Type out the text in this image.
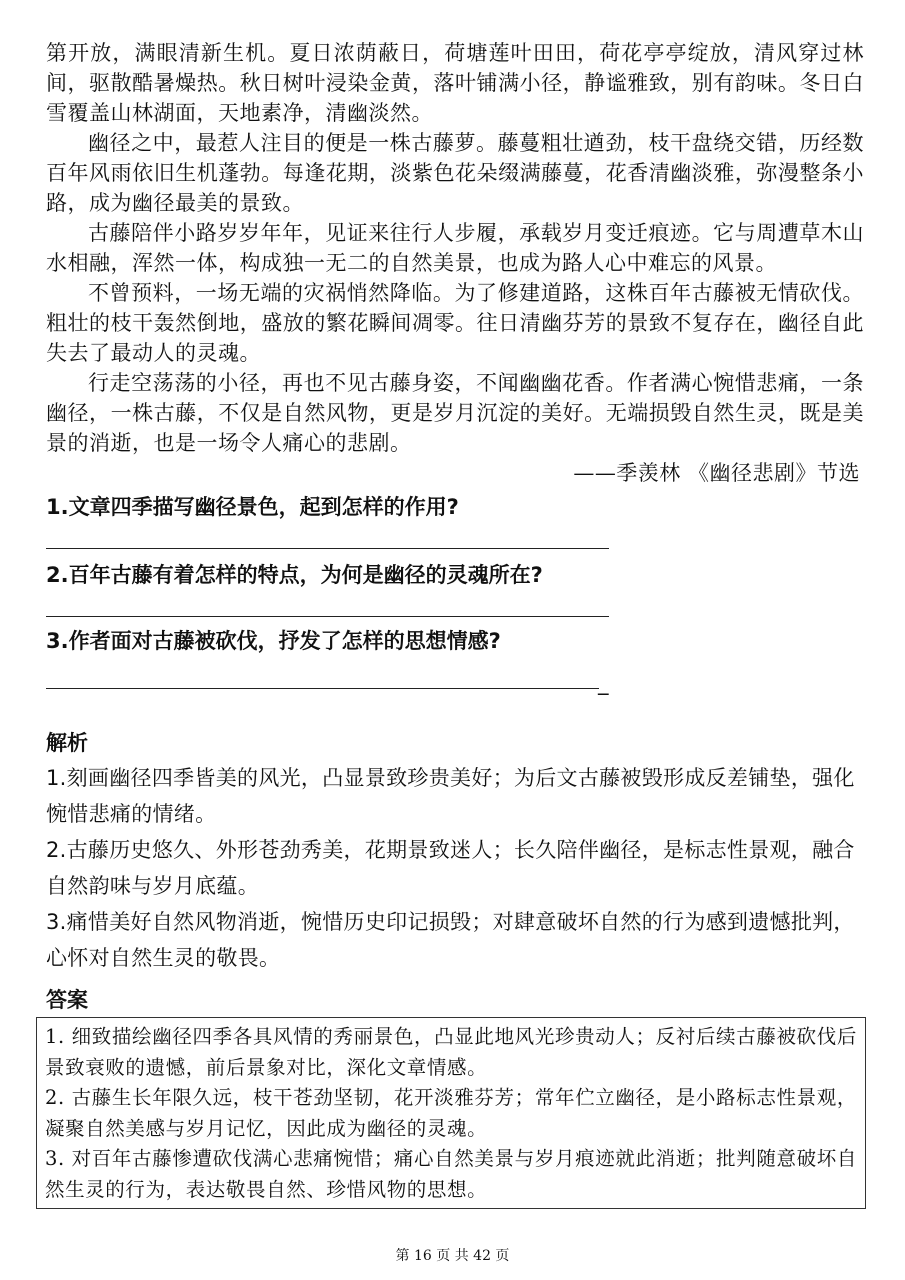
第开放，满眼清新生机。夏日浓荫蔽日，荷塘莲叶田田，荷花亭亭绽放，清风穿过林间，驱散酷暑燥热。秋日树叶浸染金黄，落叶铺满小径，静谧雅致，别有韵味。冬日白雪覆盖山林湖面，天地素净，清幽淡然。

幽径之中，最惹人注目的便是一株古藤萝。藤蔓粗壮遒劲，枝干盘绕交错，历经数百年风雨依旧生机蓬勃。每逢花期，淡紫色花朵缀满藤蔓，花香清幽淡雅，弥漫整条小路，成为幽径最美的景致。

古藤陪伴小路岁岁年年，见证来往行人步履，承载岁月变迁痕迹。它与周遭草木山水相融，浑然一体，构成独一无二的自然美景，也成为路人心中难忘的风景。

不曾预料，一场无端的灾祸悄然降临。为了修建道路，这株百年古藤被无情砍伐。粗壮的枝干轰然倒地，盛放的繁花瞬间凋零。往日清幽芬芳的景致不复存在，幽径自此失去了最动人的灵魂。

行走空荡荡的小径，再也不见古藤身姿，不闻幽幽花香。作者满心惋惜悲痛，一条幽径，一株古藤，不仅是自然风物，更是岁月沉淀的美好。无端损毁自然生灵，既是美景的消逝，也是一场令人痛心的悲剧。

——季羡林 《幽径悲剧》节选

1.文章四季描写幽径景色，起到怎样的作用?
2.百年古藤有着怎样的特点，为何是幽径的灵魂所在?
3.作者面对古藤被砍伐，抒发了怎样的思想情感?
_
解析

1.刻画幽径四季皆美的风光，凸显景致珍贵美好；为后文古藤被毁形成反差铺垫，强化惋惜悲痛的情绪。

2.古藤历史悠久、外形苍劲秀美，花期景致迷人；长久陪伴幽径，是标志性景观，融合自然韵味与岁月底蕴。

3.痛惜美好自然风物消逝，惋惜历史印记损毁；对肆意破坏自然的行为感到遗憾批判，心怀对自然生灵的敬畏。

答案

1. 细致描绘幽径四季各具风情的秀丽景色，凸显此地风光珍贵动人；反衬后续古藤被砍伐后景致衰败的遗憾，前后景象对比，深化文章情感。

2. 古藤生长年限久远，枝干苍劲坚韧，花开淡雅芬芳；常年伫立幽径，是小路标志性景观，凝聚自然美感与岁月记忆，因此成为幽径的灵魂。

3. 对百年古藤惨遭砍伐满心悲痛惋惜；痛心自然美景与岁月痕迹就此消逝；批判随意破坏自然生灵的行为，表达敬畏自然、珍惜风物的思想。

第 16 页 共 42 页
